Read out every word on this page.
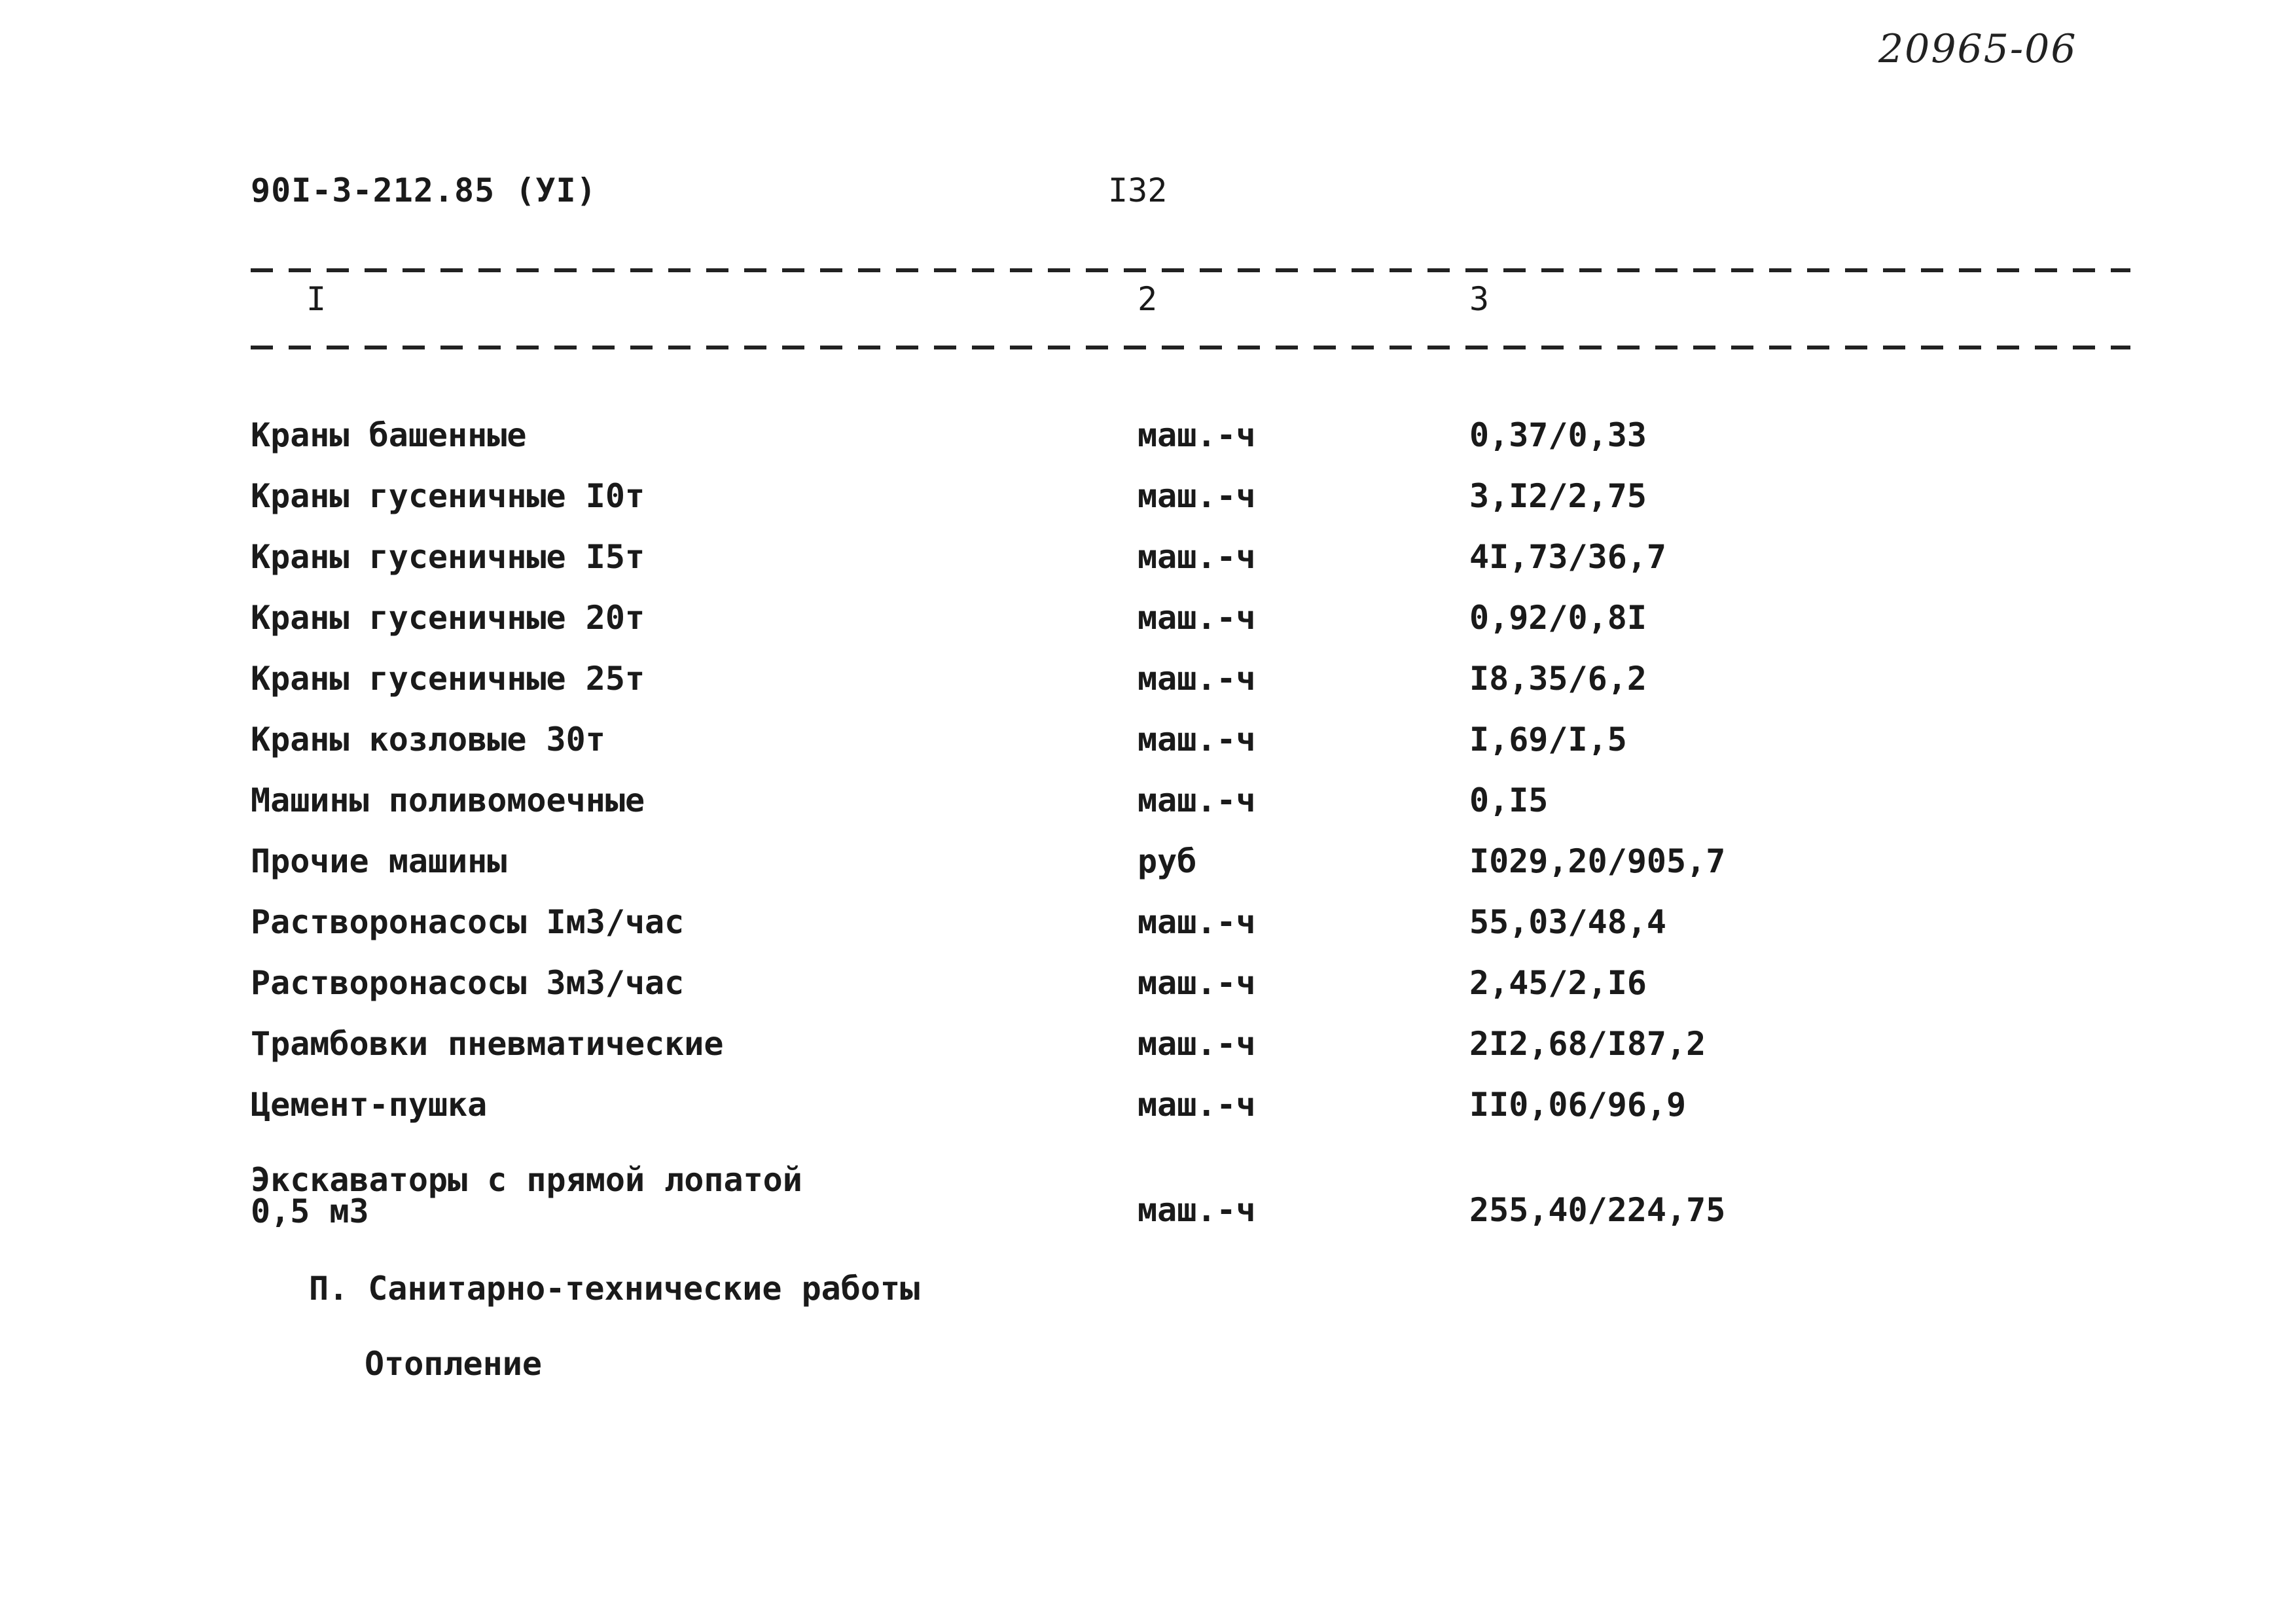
20965-06
90I-3-212.85 (УI)	I32
I	2	3
Краны башенные	маш.-ч	0,37/0,33
Краны гусеничные I0т	маш.-ч	3,I2/2,75
Краны гусеничные I5т	маш.-ч	4I,73/36,7
Краны гусеничные 20т	маш.-ч	0,92/0,8I
Краны гусеничные 25т	маш.-ч	I8,35/6,2
Краны козловые 30т	маш.-ч	I,69/I,5
Машины поливомоечные	маш.-ч	0,I5
Прочие машины	руб	I029,20/905,7
Растворонасосы Iм3/час	маш.-ч	55,03/48,4
Растворонасосы 3м3/час	маш.-ч	2,45/2,I6
Трамбовки пневматические	маш.-ч	2I2,68/I87,2
Цемент-пушка	маш.-ч	II0,06/96,9
Экскаваторы с прямой лопатой
0,5 м3	маш.-ч	255,40/224,75
П. Санитарно-технические работы
Отопление
